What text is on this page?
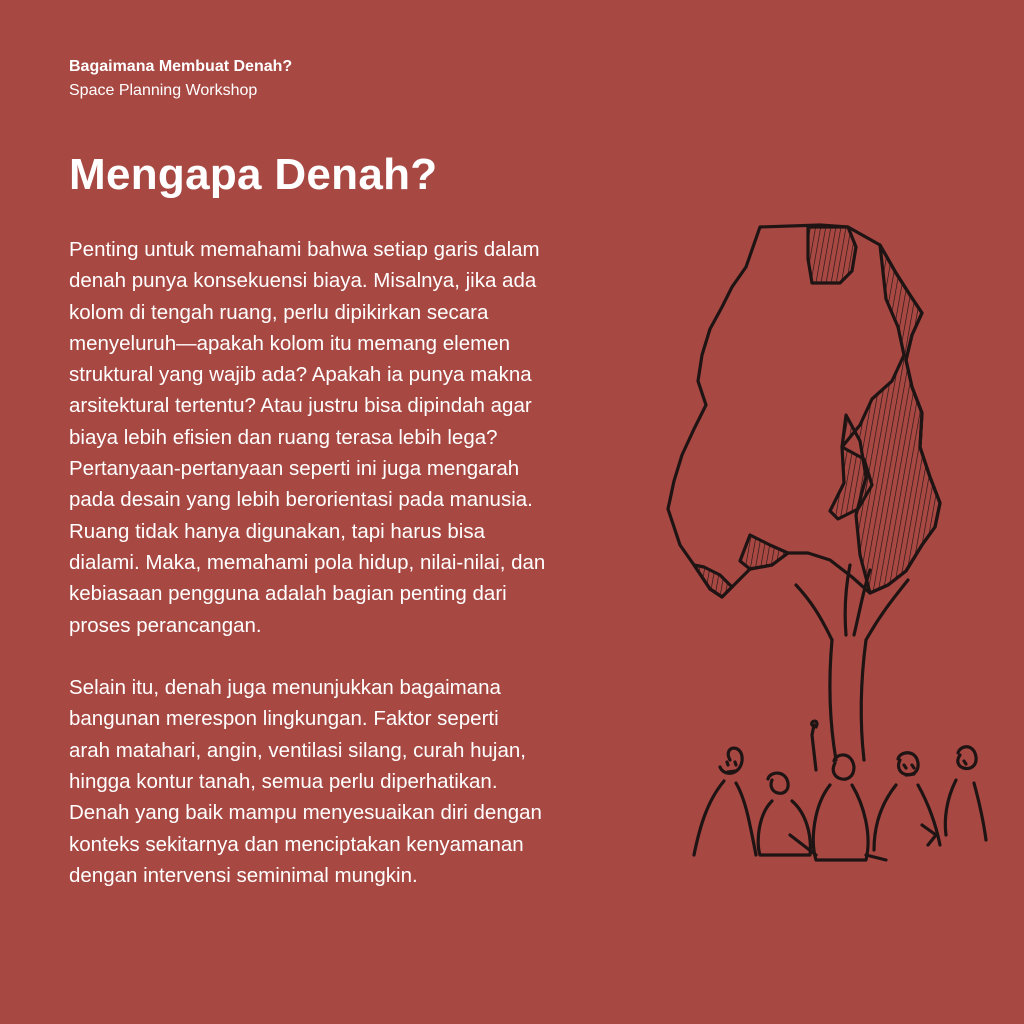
Bagaimana Membuat Denah?
Space Planning Workshop
Mengapa Denah?

Penting untuk memahami bahwa setiap garis dalam

denah punya konsekuensi biaya. Misalnya, jika ada

kolom di tengah ruang, perlu dipikirkan secara

menyeluruh—apakah kolom itu memang elemen

struktural yang wajib ada? Apakah ia punya makna

arsitektural tertentu? Atau justru bisa dipindah agar

biaya lebih efisien dan ruang terasa lebih lega?

Pertanyaan-pertanyaan seperti ini juga mengarah

pada desain yang lebih berorientasi pada manusia.

Ruang tidak hanya digunakan, tapi harus bisa

dialami. Maka, memahami pola hidup, nilai-nilai, dan

kebiasaan pengguna adalah bagian penting dari

proses perancangan.

Selain itu, denah juga menunjukkan bagaimana

bangunan merespon lingkungan. Faktor seperti

arah matahari, angin, ventilasi silang, curah hujan,

hingga kontur tanah, semua perlu diperhatikan.

Denah yang baik mampu menyesuaikan diri dengan

konteks sekitarnya dan menciptakan kenyamanan

dengan intervensi seminimal mungkin.
